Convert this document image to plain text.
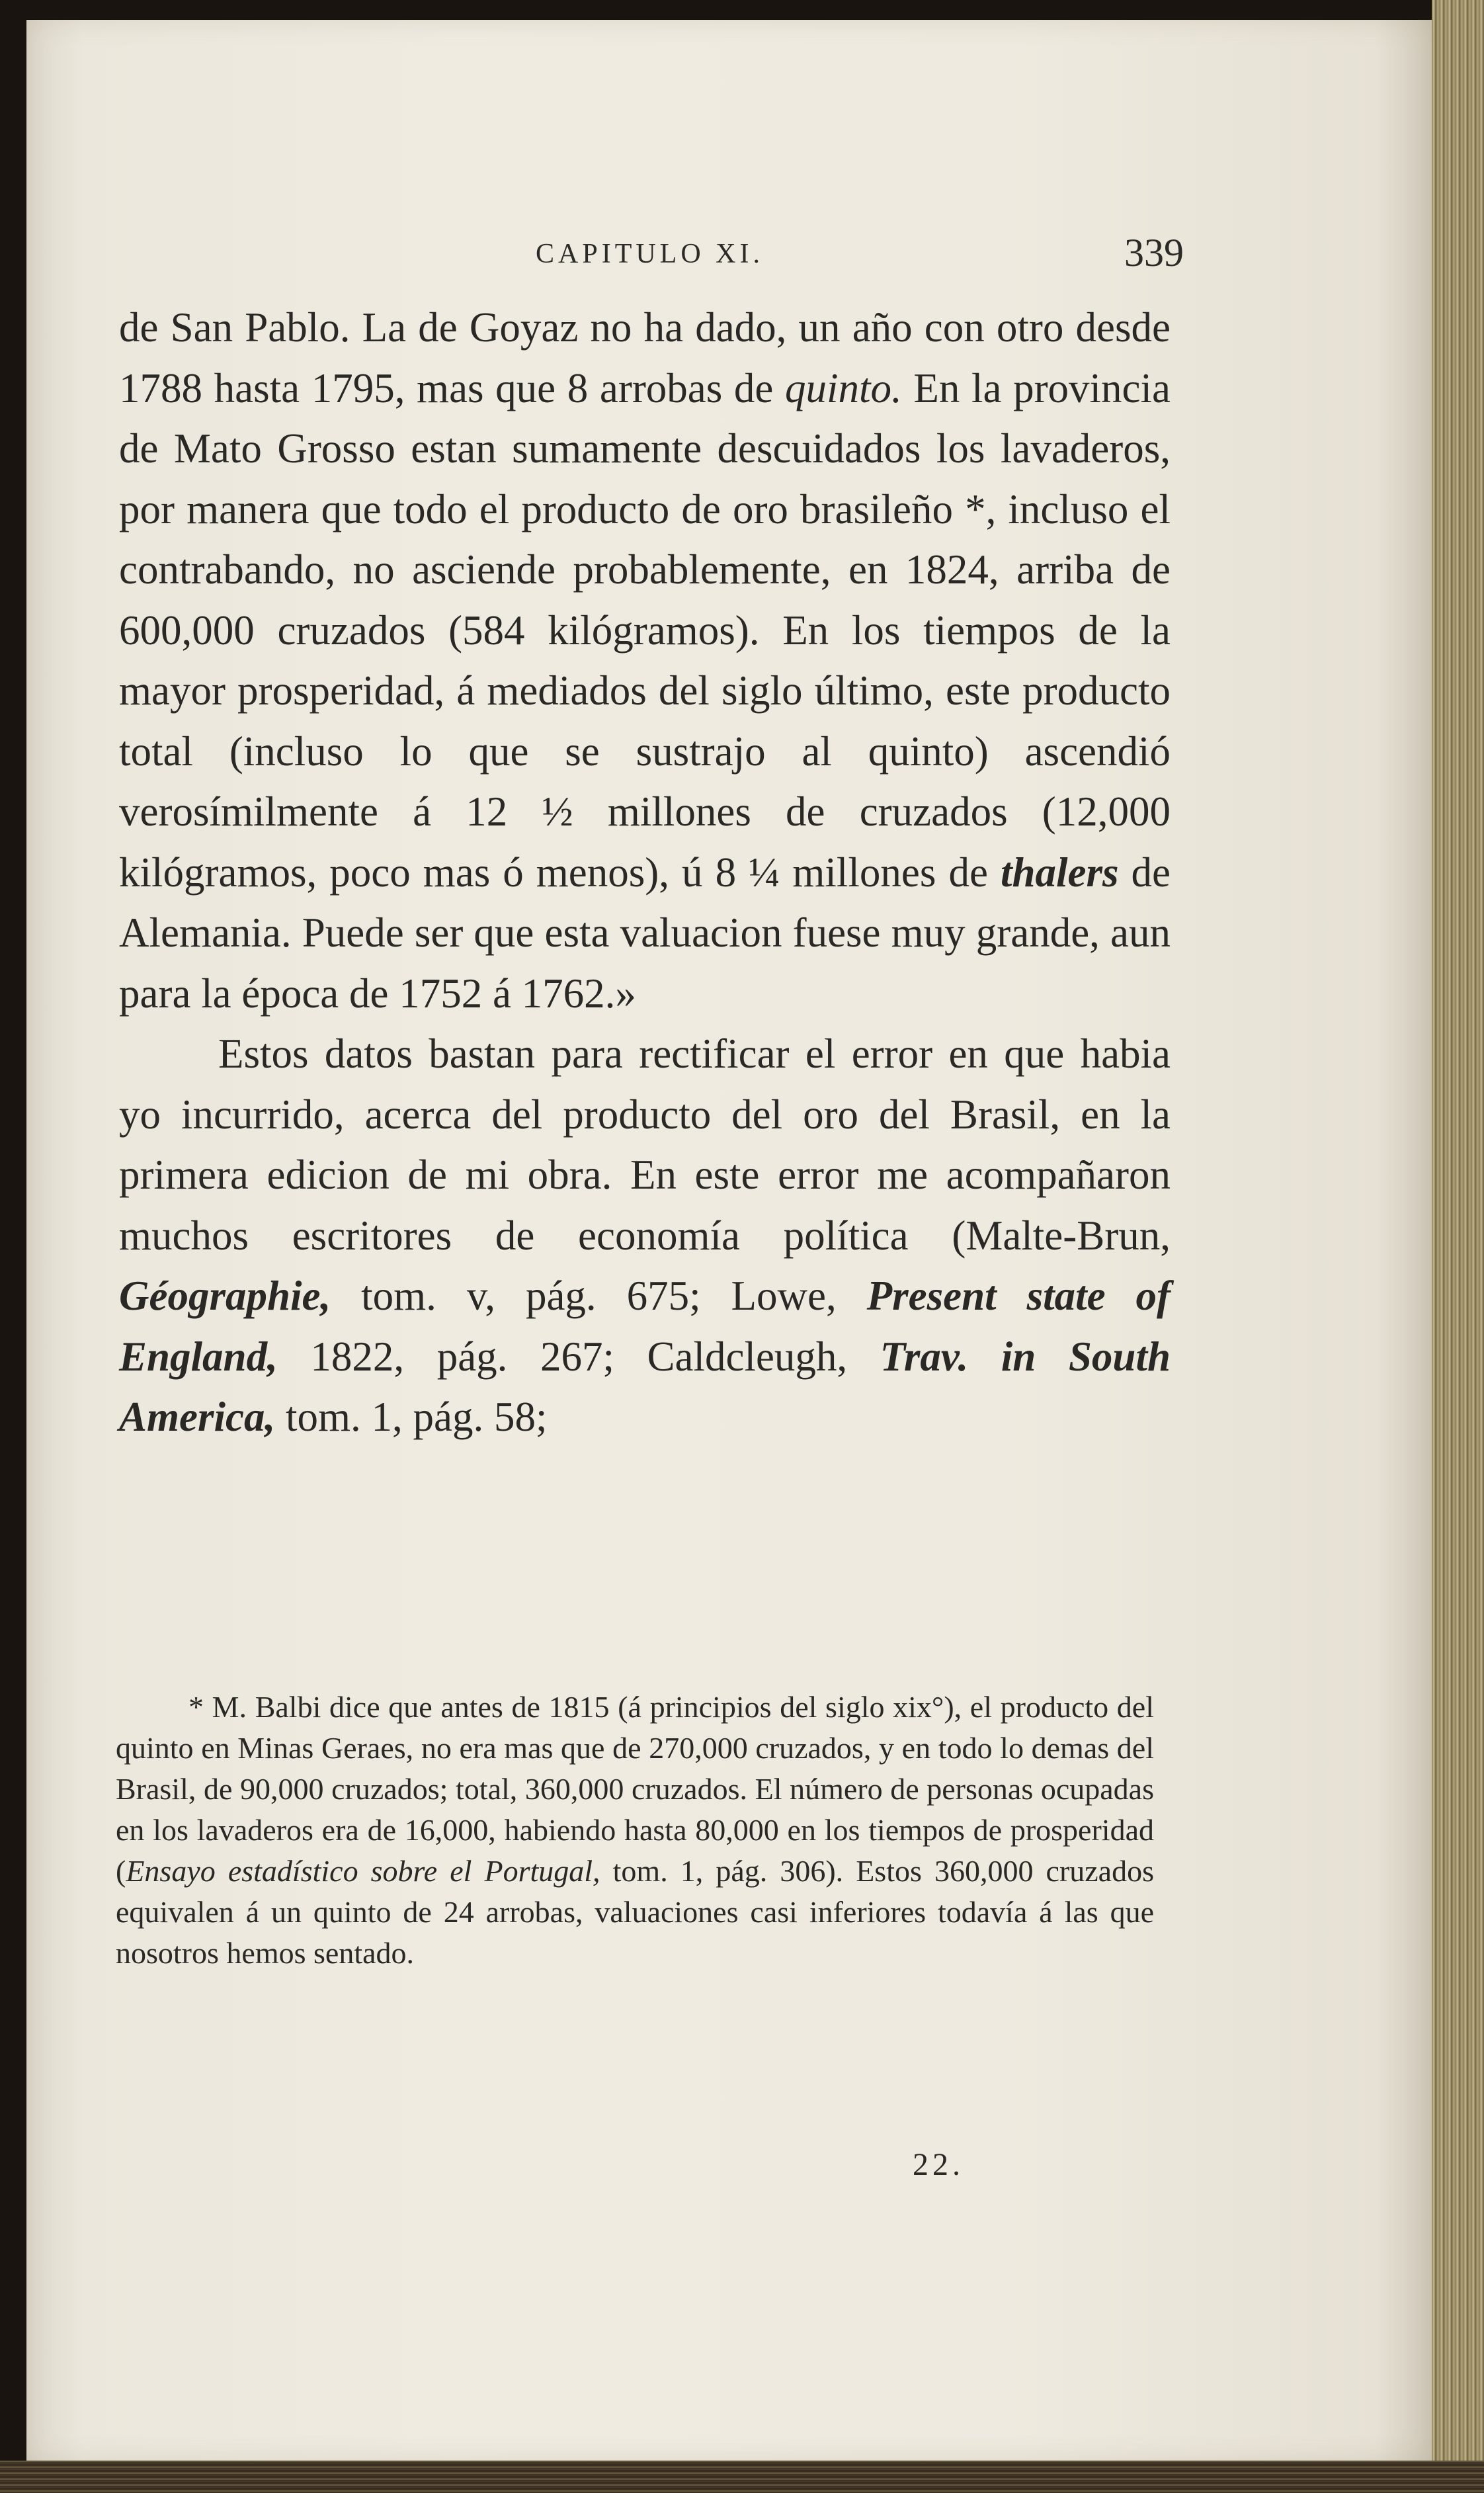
CAPITULO XI.	339

de San Pablo. La de Goyaz no ha dado, un año con otro desde 1788 hasta 1795, mas que 8 arrobas de quinto. En la provincia de Mato Grosso estan sumamente descuidados los lavaderos, por manera que todo el producto de oro brasileño *, incluso el contrabando, no asciende probablemente, en 1824, arriba de 600,000 cruzados (584 kilógramos). En los tiempos de la mayor prosperidad, á mediados del siglo último, este producto total (incluso lo que se sustrajo al quinto) ascendió verosímilmente á 12 ½ millones de cruzados (12,000 kilógramos, poco mas ó menos), ú 8 ¼ millones de thalers de Alemania. Puede ser que esta valuacion fuese muy grande, aun para la época de 1752 á 1762.»

Estos datos bastan para rectificar el error en que habia yo incurrido, acerca del producto del oro del Brasil, en la primera edicion de mi obra. En este error me acompañaron muchos escritores de economía política (Malte-Brun, Géographie, tom. v, pág. 675; Lowe, Present state of England, 1822, pág. 267; Caldcleugh, Trav. in South America, tom. 1, pág. 58;

* M. Balbi dice que antes de 1815 (á principios del siglo xix°), el producto del quinto en Minas Geraes, no era mas que de 270,000 cruzados, y en todo lo demas del Brasil, de 90,000 cruzados; total, 360,000 cruzados. El número de personas ocupadas en los lavaderos era de 16,000, habiendo hasta 80,000 en los tiempos de prosperidad (Ensayo estadístico sobre el Portugal, tom. 1, pág. 306). Estos 360,000 cruzados equivalen á un quinto de 24 arrobas, valuaciones casi inferiores todavía á las que nosotros hemos sentado.

22.
